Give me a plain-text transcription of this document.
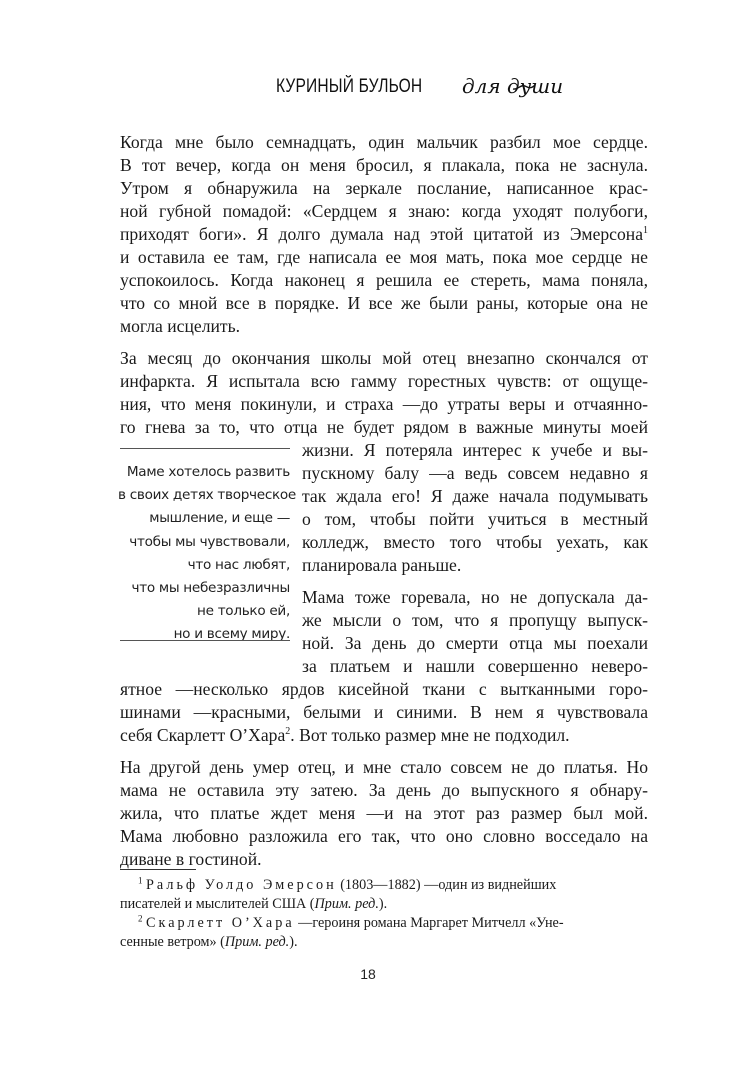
КУРИНЫЙ БУЛЬОН для души
Когда мне было семнадцать, один мальчик разбил мое сердце.
В тот вечер, когда он меня бросил, я плакала, пока не заснула.
Утром я обнаружила на зеркале послание, написанное крас-
ной губной помадой: «Сердцем я знаю: когда уходят полубоги,
приходят боги». Я долго думала над этой цитатой из Эмерсона$^1$
и оставила ее там, где написала ее моя мать, пока мое сердце не
успокоилось. Когда наконец я решила ее стереть, мама поняла,
что со мной все в порядке. И все же были раны, которые она не
могла исцелить.
За месяц до окончания школы мой отец внезапно скончался от
инфаркта. Я испытала всю гамму горестных чувств: от ощуще-
ния, что меня покинули, и страха —до утраты веры и отчаянно-
го гнева за то, что отца не будет рядом в важные минуты моей
жизни. Я потеряла интерес к учебе и вы-
пускному балу —а ведь совсем недавно я
так ждала его! Я даже начала подумывать
о том, чтобы пойти учиться в местный
колледж, вместо того чтобы уехать, как
планировала раньше.
Маме хотелось развить
в своих детях творческое
мышление, и еще —
чтобы мы чувствовали,
что нас любят,
что мы небезразличны
не только ей,
но и всему миру.
Мама тоже горевала, но не допускала да-
же мысли о том, что я пропущу выпуск-
ной. За день до смерти отца мы поехали
за платьем и нашли совершенно неверо-
ятное —несколько ярдов кисейной ткани с вытканными горо-
шинами —красными, белыми и синими. В нем я чувствовала
себя Скарлетт О’Хара$^2$. Вот только размер мне не подходил.
На другой день умер отец, и мне стало совсем не до платья. Но
мама не оставила эту затею. За день до выпускного я обнару-
жила, что платье ждет меня —и на этот раз размер был мой.
Мама любовно разложила его так, что оно словно восседало на
диване в гостиной.
$^1$ Ральф Уолдо Эмерсон (1803—1882) —один из виднейших
писателей и мыслителей США (Прим. ред.).
$^2$ Скарлетт О’Хара —героиня романа Маргарет Митчелл «Уне-
сенные ветром» (Прим. ред.).
18
